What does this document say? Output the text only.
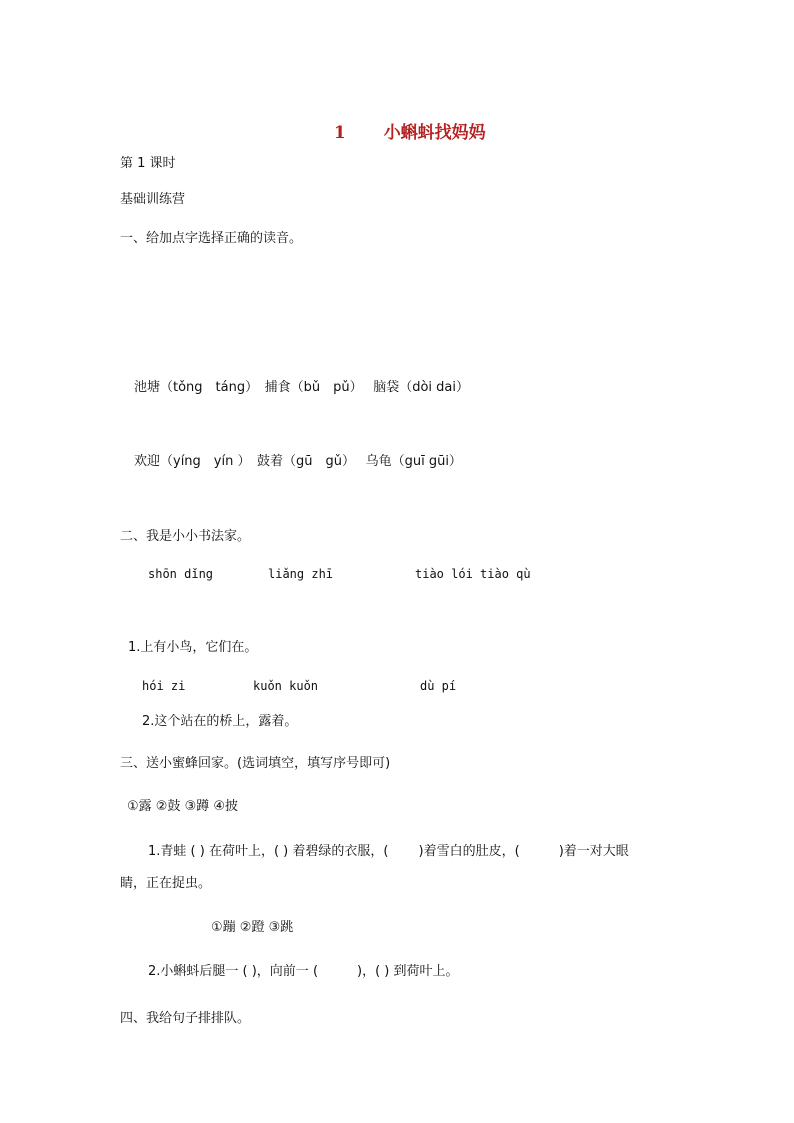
1 小蝌蚪找妈妈

第 1 课时
基础训练营
一、给加点字选择正确的读音。
池塘（tǒng　táng）　捕食（bǔ　pǔ）　 脑袋（dòi dai）
欢迎（yíng　yín ）　鼓着（gū　gǔ）　 乌龟（guī gūi）
二、我是小小书法家。
shōn dǐng	liǎng zhī	tiào lói tiào qù
1.上有小鸟，它们在。
hói zi	kuǒn kuǒn	dù pí
2.这个站在的桥上，露着。
三、送小蜜蜂回家。(选词填空，填写序号即可)
①露 ②鼓 ③蹲 ④披
1.青蛙 ( ) 在荷叶上，( ) 着碧绿的衣服，(　　 )着雪白的肚皮，(　　　)着一对大眼
睛，正在捉虫。
①蹦 ②蹬 ③跳
2.小蝌蚪后腿一 ( )，向前一 (　　　)，( ) 到荷叶上。
四、我给句子排排队。
